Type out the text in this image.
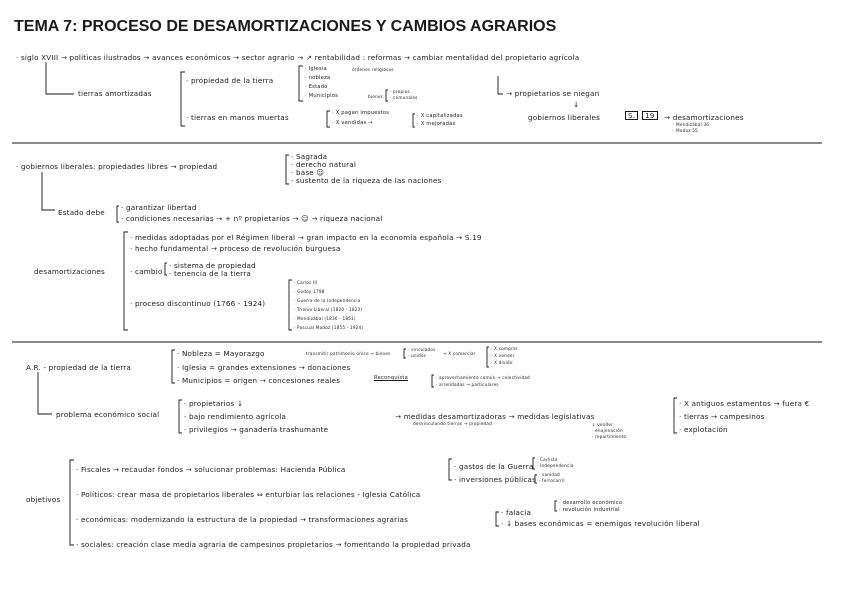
TEMA 7: PROCESO DE DESAMORTIZACIONES Y CAMBIOS AGRARIOS
· siglo XVIII → políticas ilustrados → avances económicos → sector agrario → ↗ rentabilidad : reformas → cambiar mentalidad del propietario agrícola
tierras amortizadas
· propiedad de la tierra
· Iglesia
· nobleza
· Estado
· Municipios
órdenes religiosas
bienes
· propios
· comunales
· tierras en manos muertas	· X pagan impuestos
· X vendidas →
· X capitalizadas
· X mejoradas
→ propietarios se niegan
↓
gobiernos liberales	S.	19	→ desamortizaciones
· Mendizábal 36
· Madoz 55
· gobiernos liberales: propiedades libres → propiedad
· Sagrada
· derecho natural
· base ☺
· sustento de la riqueza de las naciones
Estado debe
· garantizar libertad
· condiciones necesarias → + nº propietarios → ☺ → riqueza nacional
desamortizaciones
· medidas adoptadas por el Régimen liberal → gran impacto en la economía española → S.19
· hecho fundamental → proceso de revolución burguesa
· cambio
· sistema de propiedad
· tenencia de la tierra
· proceso discontinuo (1766 - 1924)
· Carlos III
· Godoy 1798
· Guerra de la Independencia
· Trienio Liberal (1820 - 1823)
· Mendizábal (1836 - 1851)
· Pascual Madoz (1855 - 1924)
A.R. - propiedad de la tierra
· Nobleza = Mayorazgo	transmitir patrimonio único → bienes
· vinculados
· unidos	→ X comerciar
· X comprar
· X vender
· X dividir
· Iglesia = grandes extensiones → donaciones
· Municipios = origen → concesiones reales	Reconquista	· aprovechamiento común → colectividad
· arrendadas → particulares
problema económico social
· propietarios ↓
· bajo rendimiento agrícola
· privilegios → ganadería trashumante
→ medidas desamortizadoras → medidas legislativas
desvinculando tierras → propiedad	↓ vender
· enajenación
· repartimiento
· X antiguos estamentos → fuera €
· tierras → campesinos
· explotación
objetivos
· Fiscales → recaudar fondos → solucionar problemas: Hacienda Pública	· gastos de la Guerra
· inversiones públicas
· Carlista
· Independencia
· sanidad
· ferrocarril
· Políticos: crear masa de propietarios liberales ⇔ enturbiar las relaciones - Iglesia Católica
· económicas: modernizando la estructura de la propiedad → transformaciones agrarias
· falacia
· ↓ bases económicas = enemigos revolución liberal
· desarrollo económico
· revolución industrial
· sociales: creación clase media agraria de campesinos propietarios → fomentando la propiedad privada
